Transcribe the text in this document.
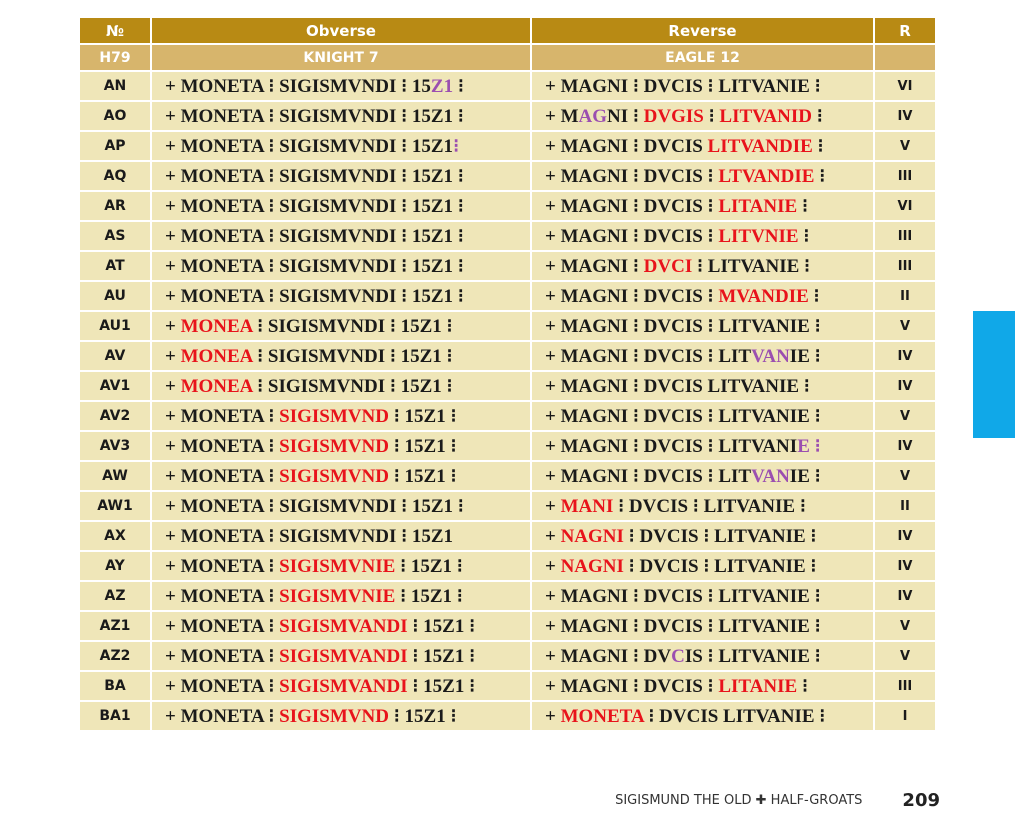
№	Obverse	Reverse	R
H79	KNIGHT 7	EAGLE 12	
AN	+ MONETA ⁝ SIGISMVNDI ⁝ 15Z1 ⁝	+ MAGNI ⁝ DVCIS ⁝ LITVANIE ⁝	VI
AO	+ MONETA ⁝ SIGISMVNDI ⁝ 15Z1 ⁝	+ MAGNI ⁝ DVGIS ⁝ LITVANID ⁝	IV
AP	+ MONETA ⁝ SIGISMVNDI ⁝ 15Z1⁝	+ MAGNI ⁝ DVCIS LITVANDIE ⁝	V
AQ	+ MONETA ⁝ SIGISMVNDI ⁝ 15Z1 ⁝	+ MAGNI ⁝ DVCIS ⁝ LTVANDIE ⁝	III
AR	+ MONETA ⁝ SIGISMVNDI ⁝ 15Z1 ⁝	+ MAGNI ⁝ DVCIS ⁝ LITANIE ⁝	VI
AS	+ MONETA ⁝ SIGISMVNDI ⁝ 15Z1 ⁝	+ MAGNI ⁝ DVCIS ⁝ LITVNIE ⁝	III
AT	+ MONETA ⁝ SIGISMVNDI ⁝ 15Z1 ⁝	+ MAGNI ⁝ DVCI ⁝ LITVANIE ⁝	III
AU	+ MONETA ⁝ SIGISMVNDI ⁝ 15Z1 ⁝	+ MAGNI ⁝ DVCIS ⁝ MVANDIE ⁝	II
AU1	+ MONEA ⁝ SIGISMVNDI ⁝ 15Z1 ⁝	+ MAGNI ⁝ DVCIS ⁝ LITVANIE ⁝	V
AV	+ MONEA ⁝ SIGISMVNDI ⁝ 15Z1 ⁝	+ MAGNI ⁝ DVCIS ⁝ LITVANIE ⁝	IV
AV1	+ MONEA ⁝ SIGISMVNDI ⁝ 15Z1 ⁝	+ MAGNI ⁝ DVCIS LITVANIE ⁝	IV
AV2	+ MONETA ⁝ SIGISMVND ⁝ 15Z1 ⁝	+ MAGNI ⁝ DVCIS ⁝ LITVANIE ⁝	V
AV3	+ MONETA ⁝ SIGISMVND ⁝ 15Z1 ⁝	+ MAGNI ⁝ DVCIS ⁝ LITVANIE ⁝	IV
AW	+ MONETA ⁝ SIGISMVND ⁝ 15Z1 ⁝	+ MAGNI ⁝ DVCIS ⁝ LITVANIE ⁝	V
AW1	+ MONETA ⁝ SIGISMVNDI ⁝ 15Z1 ⁝	+ MANI ⁝ DVCIS ⁝ LITVANIE ⁝	II
AX	+ MONETA ⁝ SIGISMVNDI ⁝ 15Z1	+ NAGNI ⁝ DVCIS ⁝ LITVANIE ⁝	IV
AY	+ MONETA ⁝ SIGISMVNIE ⁝ 15Z1 ⁝	+ NAGNI ⁝ DVCIS ⁝ LITVANIE ⁝	IV
AZ	+ MONETA ⁝ SIGISMVNIE ⁝ 15Z1 ⁝	+ MAGNI ⁝ DVCIS ⁝ LITVANIE ⁝	IV
AZ1	+ MONETA ⁝ SIGISMVANDI ⁝ 15Z1 ⁝	+ MAGNI ⁝ DVCIS ⁝ LITVANIE ⁝	V
AZ2	+ MONETA ⁝ SIGISMVANDI ⁝ 15Z1 ⁝	+ MAGNI ⁝ DVCIS ⁝ LITVANIE ⁝	V
BA	+ MONETA ⁝ SIGISMVANDI ⁝ 15Z1 ⁝	+ MAGNI ⁝ DVCIS ⁝ LITANIE ⁝	III
BA1	+ MONETA ⁝ SIGISMVND ⁝ 15Z1 ⁝	+ MONETA ⁝ DVCIS LITVANIE ⁝	I
SIGISMUND THE OLD ✚ HALF-GROATS 209
